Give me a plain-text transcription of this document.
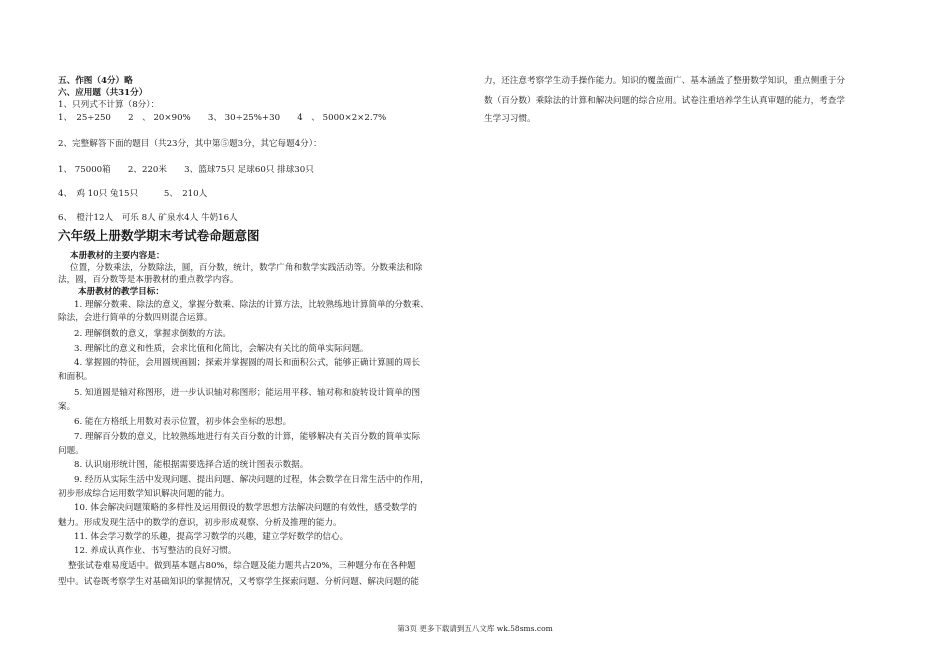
五、作图（4分）略
六、应用题（共31分）
1、只列式不计算（8分）：
1、　25÷250　　2　、 20×90%　　3、 30÷25%+30　　4　、 5000×2×2.7%
2、完整解答下面的题目（共23分，其中第⑤题3分，其它每题4分）：
1、 75000箱　　2、220米　　3、篮球75只 足球60只 排球30只
4、　鸡 10只 兔15只　　　5、　210人
6、　橙汁12人　可乐 8人 矿泉水4人 牛奶16人
六年级上册数学期末考试卷命题意图
本册教材的主要内容是：
位置，分数乘法，分数除法，圆，百分数，统计，数学广角和数学实践活动等。分数乘法和除
法，圆，百分数等是本册教材的重点教学内容。
本册教材的教学目标：
1. 理解分数乘、除法的意义，掌握分数乘、除法的计算方法，比较熟练地计算简单的分数乘、
除法，会进行简单的分数四则混合运算。
2. 理解倒数的意义，掌握求倒数的方法。
3. 理解比的意义和性质，会求比值和化简比，会解决有关比的简单实际问题。
4. 掌握圆的特征，会用圆规画圆；探索并掌握圆的周长和面积公式，能够正确计算圆的周长
和面积。
5. 知道圆是轴对称图形，进一步认识轴对称图形；能运用平移、轴对称和旋转设计简单的图
案。
6. 能在方格纸上用数对表示位置，初步体会坐标的思想。
7. 理解百分数的意义，比较熟练地进行有关百分数的计算，能够解决有关百分数的简单实际
问题。
8. 认识扇形统计图，能根据需要选择合适的统计图表示数据。
9. 经历从实际生活中发现问题、提出问题、解决问题的过程，体会数学在日常生活中的作用，
初步形成综合运用数学知识解决问题的能力。
10. 体会解决问题策略的多样性及运用假设的数学思想方法解决问题的有效性，感受数学的
魅力。形成发现生活中的数学的意识，初步形成观察、分析及推理的能力。
11. 体会学习数学的乐趣，提高学习数学的兴趣，建立学好数学的信心。
12. 养成认真作业、书写整洁的良好习惯。
整张试卷难易度适中。做到基本题占80%，综合题及能力题共占20%，三种题分布在各种题
型中。试卷既考察学生对基础知识的掌握情况，又考察学生探索问题、分析问题、解决问题的能
力，还注意考察学生动手操作能力。知识的覆盖面广、基本涵盖了整册数学知识，重点侧重于分
数（百分数）乘除法的计算和解决问题的综合应用。试卷注重培养学生认真审题的能力，考查学
生学习习惯。
第3页 更多下载请到五八文库 wk.58sms.com
